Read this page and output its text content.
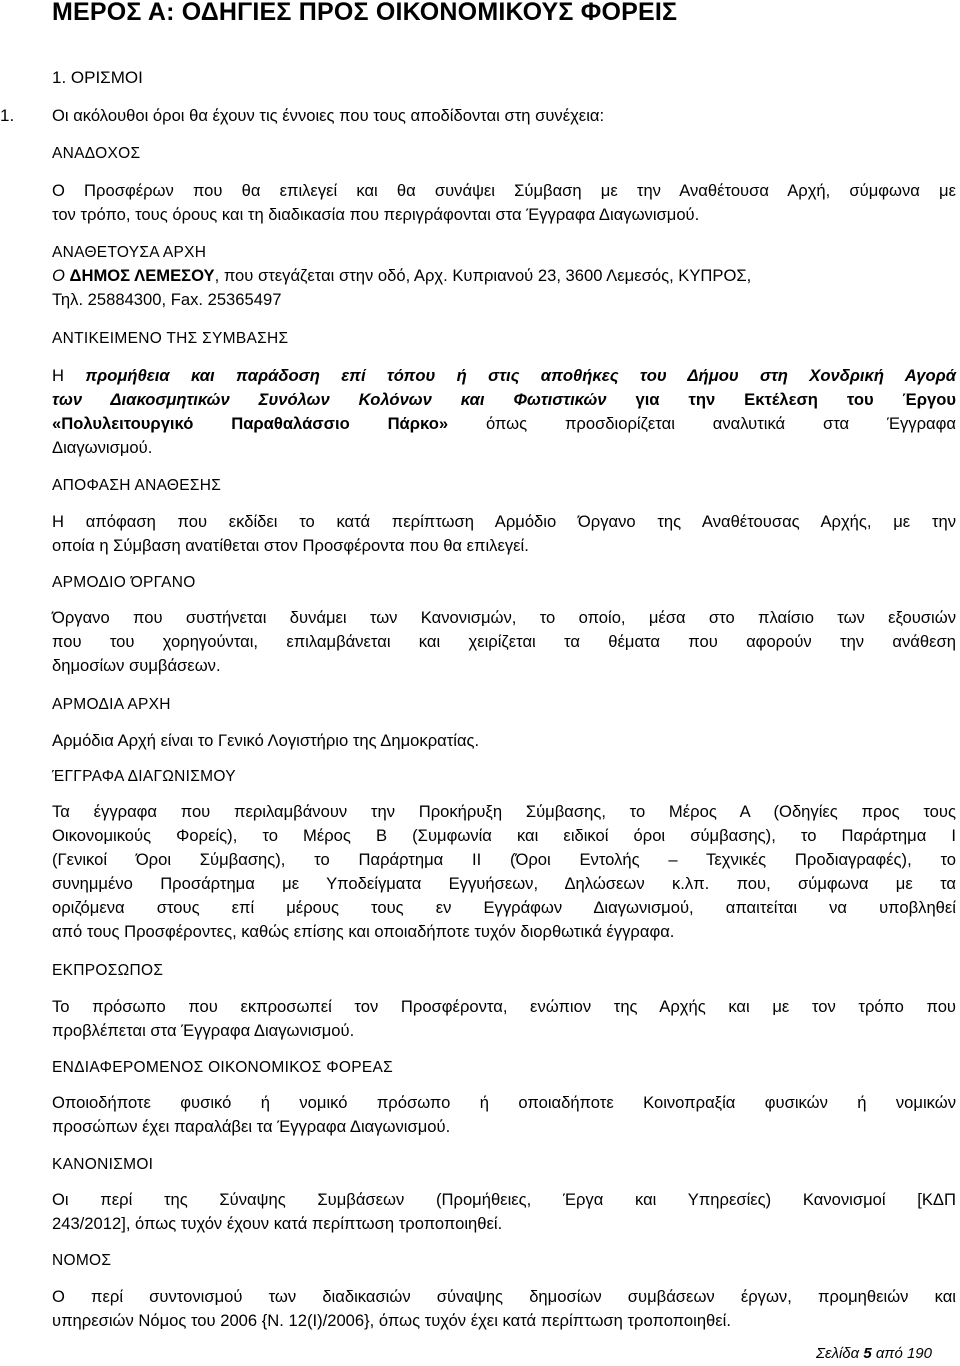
ΜΕΡΟΣ Α: ΟΔΗΓΙΕΣ ΠΡΟΣ ΟΙΚΟΝΟΜΙΚΟΥΣ ΦΟΡΕΙΣ
1. ΟΡΙΣΜΟΙ
1. Οι ακόλουθοι όροι θα έχουν τις έννοιες που τους αποδίδονται στη συνέχεια:
ΑΝΑΔΟΧΟΣ
Ο Προσφέρων που θα επιλεγεί και θα συνάψει Σύμβαση με την Αναθέτουσα Αρχή, σύμφωνα με
τον τρόπο, τους όρους και τη διαδικασία που περιγράφονται στα Έγγραφα Διαγωνισμού.
ΑΝΑΘΕΤΟΥΣΑ ΑΡΧΗ
Ο ΔΗΜΟΣ ΛΕΜΕΣΟΥ, που στεγάζεται στην οδό, Αρχ. Κυπριανού 23, 3600 Λεμεσός, ΚΥΠΡΟΣ,
Τηλ. 25884300, Fax. 25365497
ΑΝΤΙΚΕΙΜΕΝΟ ΤΗΣ ΣΥΜΒΑΣΗΣ
Η προμήθεια και παράδοση επί τόπου ή στις αποθήκες του Δήμου στη Χονδρική Αγορά
των Διακοσμητικών Συνόλων Κολόνων και Φωτιστικών για την Εκτέλεση του Έργου
«Πολυλειτουργικό Παραθαλάσσιο Πάρκο» όπως προσδιορίζεται αναλυτικά στα Έγγραφα
Διαγωνισμού.
ΑΠΟΦΑΣΗ ΑΝΑΘΕΣΗΣ
Η απόφαση που εκδίδει το κατά περίπτωση Αρμόδιο Όργανο της Αναθέτουσας Αρχής, με την
οποία η Σύμβαση ανατίθεται στον Προσφέροντα που θα επιλεγεί.
ΑΡΜΟΔΙΟ ΌΡΓΑΝΟ
Όργανο που συστήνεται δυνάμει των Κανονισμών, το οποίο, μέσα στο πλαίσιο των εξουσιών
που του χορηγούνται, επιλαμβάνεται και χειρίζεται τα θέματα που αφορούν την ανάθεση
δημοσίων συμβάσεων.
ΑΡΜΟΔΙΑ ΑΡΧΗ
Αρμόδια Αρχή είναι το Γενικό Λογιστήριο της Δημοκρατίας.
ΈΓΓΡΑΦΑ ΔΙΑΓΩΝΙΣΜΟΥ
Τα έγγραφα που περιλαμβάνουν την Προκήρυξη Σύμβασης, το Μέρος Α (Οδηγίες προς τους
Οικονομικούς Φορείς), το Μέρος Β (Συμφωνία και ειδικοί όροι σύμβασης), το Παράρτημα Ι
(Γενικοί Όροι Σύμβασης), το Παράρτημα ΙΙ (Όροι Εντολής – Τεχνικές Προδιαγραφές), το
συνημμένο Προσάρτημα με Υποδείγματα Εγγυήσεων, Δηλώσεων κ.λπ. που, σύμφωνα με τα
οριζόμενα στους επί μέρους τους εν Εγγράφων Διαγωνισμού, απαιτείται να υποβληθεί
από τους Προσφέροντες, καθώς επίσης και οποιαδήποτε τυχόν διορθωτικά έγγραφα.
ΕΚΠΡΟΣΩΠΟΣ
Το πρόσωπο που εκπροσωπεί τον Προσφέροντα, ενώπιον της Αρχής και με τον τρόπο που
προβλέπεται στα Έγγραφα Διαγωνισμού.
ΕΝΔΙΑΦΕΡΟΜΕΝΟΣ ΟΙΚΟΝΟΜΙΚΟΣ ΦΟΡΕΑΣ
Οποιοδήποτε φυσικό ή νομικό πρόσωπο ή οποιαδήποτε Κοινοπραξία φυσικών ή νομικών
προσώπων έχει παραλάβει τα Έγγραφα Διαγωνισμού.
ΚΑΝΟΝΙΣΜΟΙ
Οι περί της Σύναψης Συμβάσεων (Προμήθειες, Έργα και Υπηρεσίες) Κανονισμοί [ΚΔΠ
243/2012], όπως τυχόν έχουν κατά περίπτωση τροποποιηθεί.
ΝΟΜΟΣ
Ο περί συντονισμού των διαδικασιών σύναψης δημοσίων συμβάσεων έργων, προμηθειών και
υπηρεσιών Νόμος του 2006 {Ν. 12(Ι)/2006}, όπως τυχόν έχει κατά περίπτωση τροποποιηθεί.
Σελίδα 5 από 190
